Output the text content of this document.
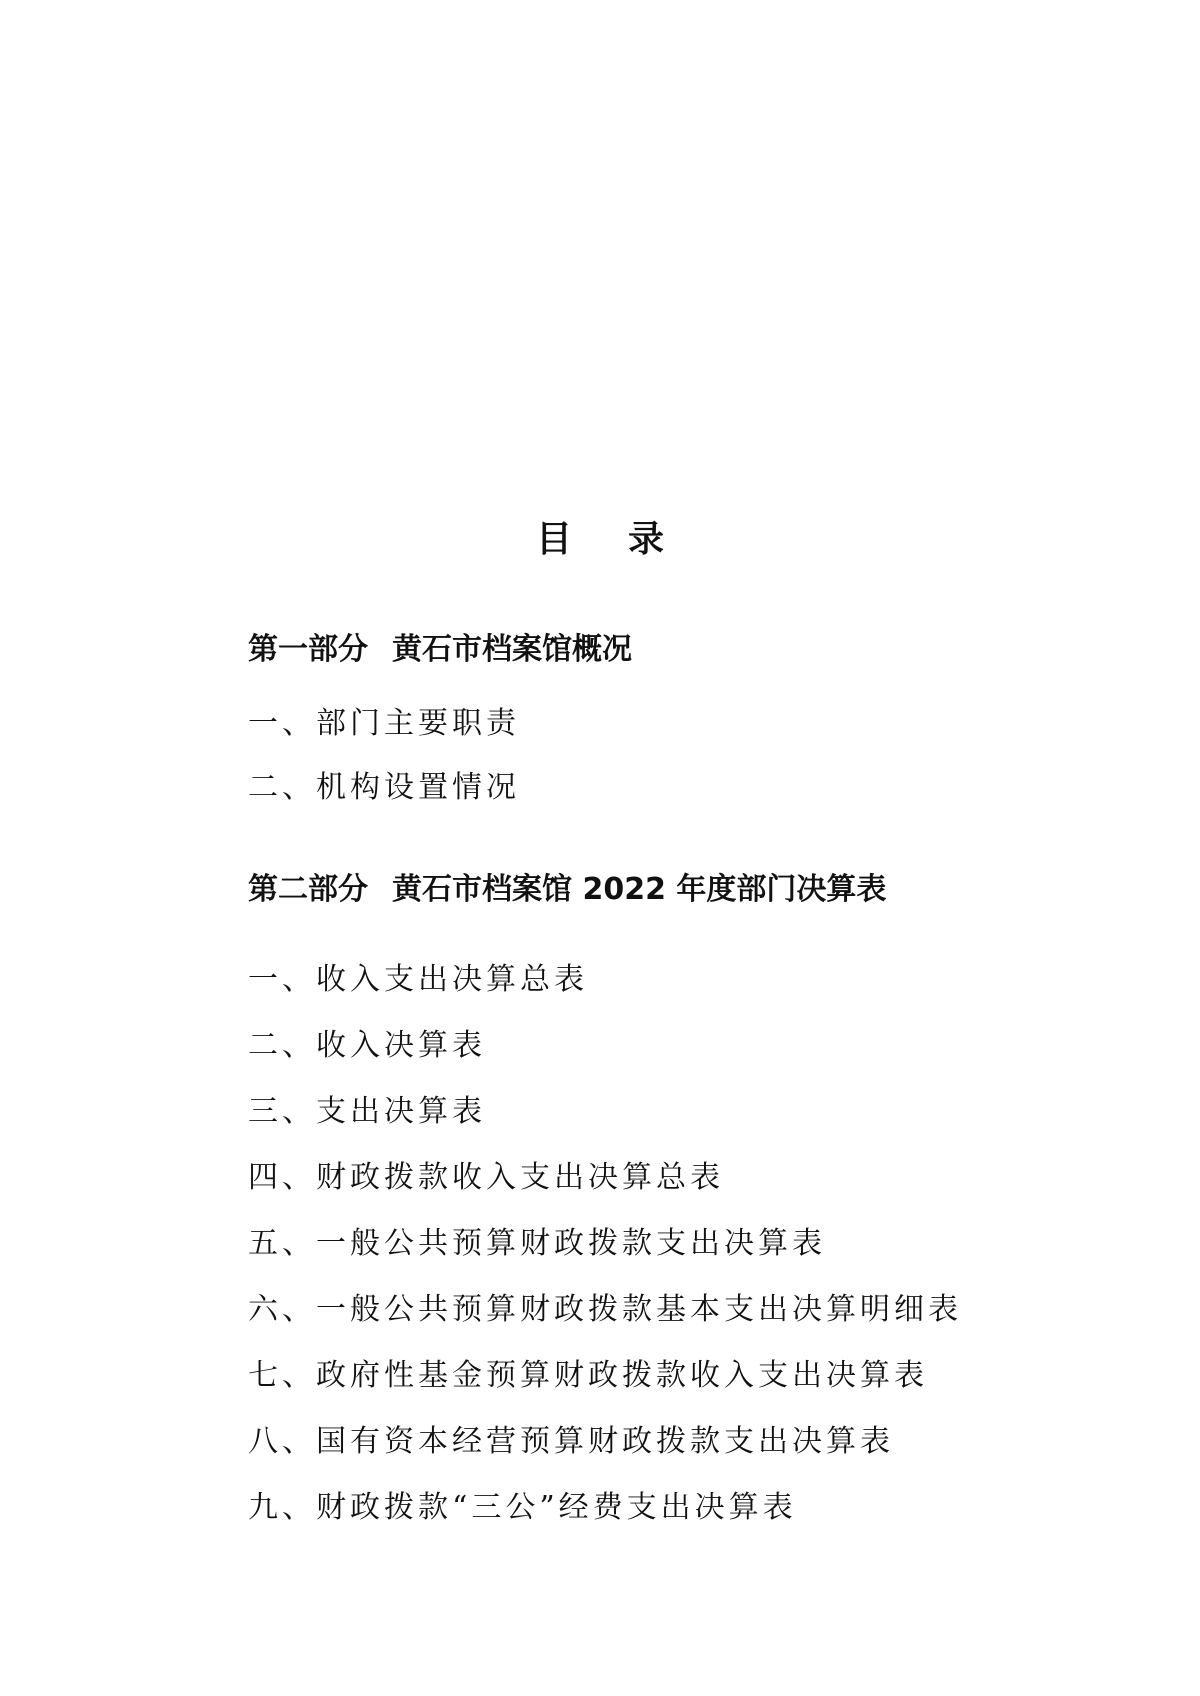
目录
第一部分 黄石市档案馆概况
一、部门主要职责
二、机构设置情况
第二部分 黄石市档案馆 2022 年度部门决算表
一、收入支出决算总表
二、收入决算表
三、支出决算表
四、财政拨款收入支出决算总表
五、一般公共预算财政拨款支出决算表
六、一般公共预算财政拨款基本支出决算明细表
七、政府性基金预算财政拨款收入支出决算表
八、国有资本经营预算财政拨款支出决算表
九、财政拨款“三公”经费支出决算表
